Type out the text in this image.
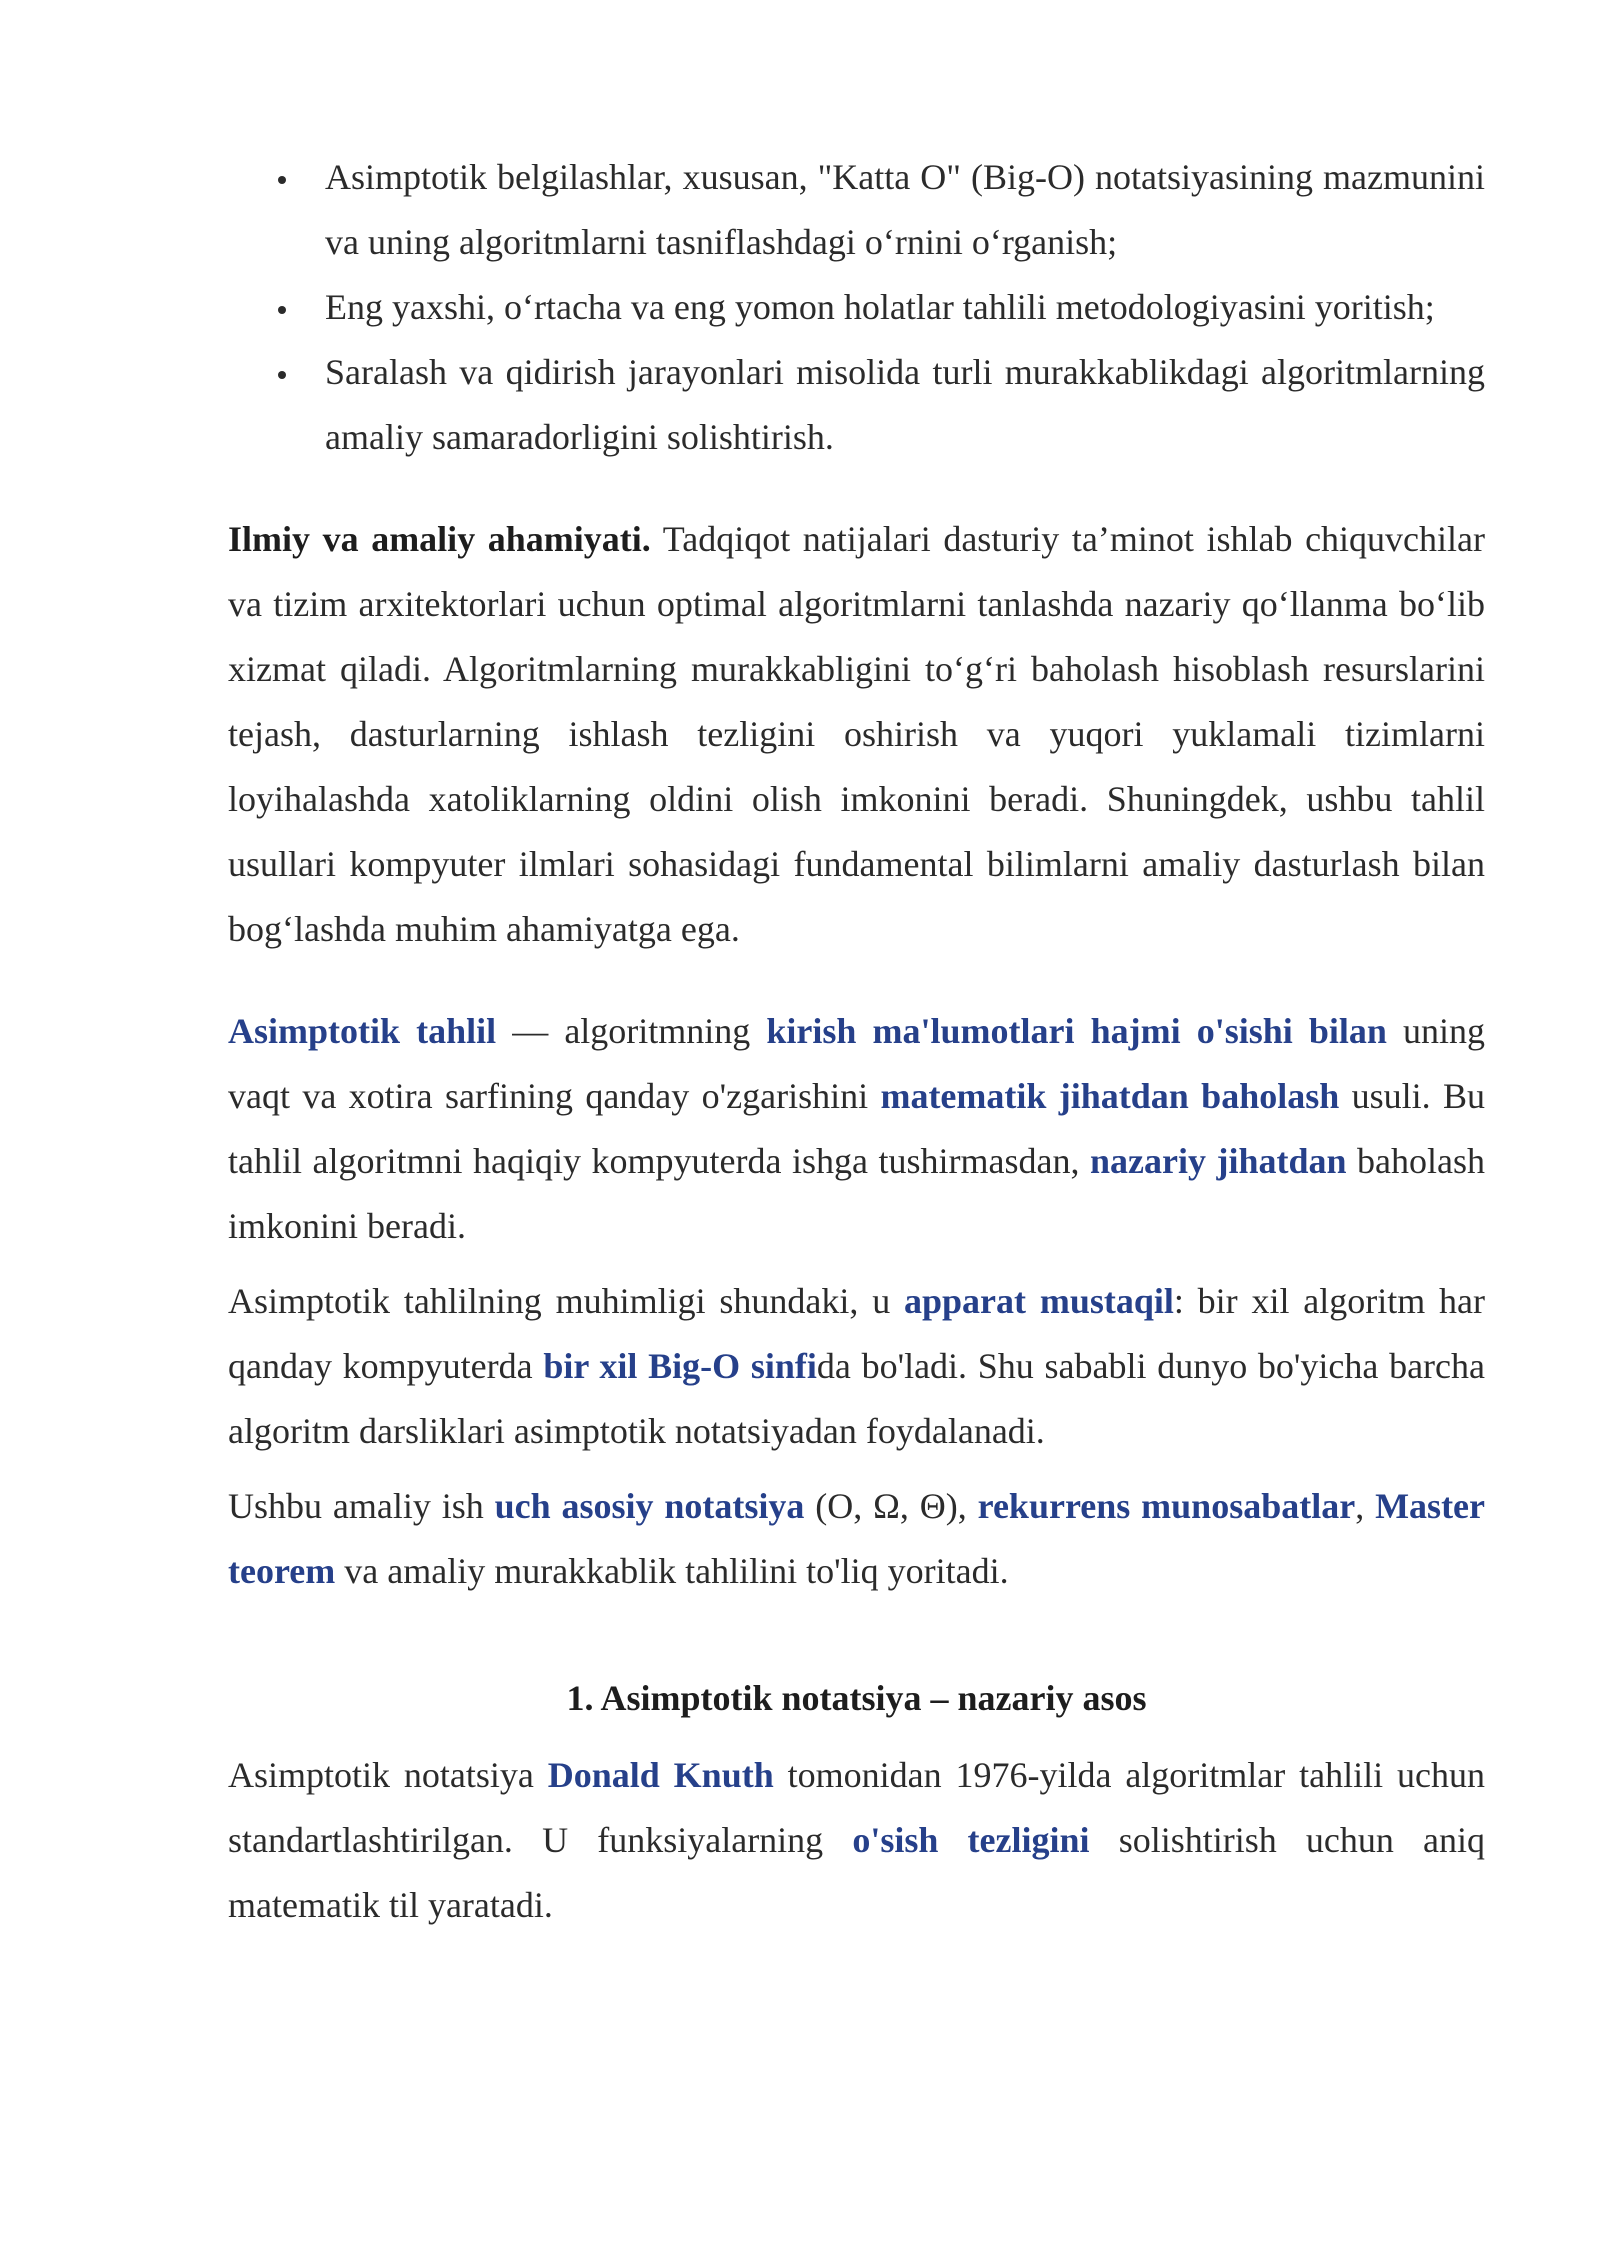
Asimptotik belgilashlar, xususan, "Katta O" (Big-O) notatsiyasining mazmunini va uning algoritmlarni tasniflashdagi o‘rnini o‘rganish;
Eng yaxshi, o‘rtacha va eng yomon holatlar tahlili metodologiyasini yoritish;
Saralash va qidirish jarayonlari misolida turli murakkablikdagi algoritmlarning amaliy samaradorligini solishtirish.

Ilmiy va amaliy ahamiyati. Tadqiqot natijalari dasturiy ta’minot ishlab chiquvchilar va tizim arxitektorlari uchun optimal algoritmlarni tanlashda nazariy qo‘llanma bo‘lib xizmat qiladi. Algoritmlarning murakkabligini to‘g‘ri baholash hisoblash resurslarini tejash, dasturlarning ishlash tezligini oshirish va yuqori yuklamali tizimlarni loyihalashda xatoliklarning oldini olish imkonini beradi. Shuningdek, ushbu tahlil usullari kompyuter ilmlari sohasidagi fundamental bilimlarni amaliy dasturlash bilan bog‘lashda muhim ahamiyatga ega.

Asimptotik tahlil — algoritmning kirish ma'lumotlari hajmi o'sishi bilan uning vaqt va xotira sarfining qanday o'zgarishini matematik jihatdan baholash usuli. Bu tahlil algoritmni haqiqiy kompyuterda ishga tushirmasdan, nazariy jihatdan baholash imkonini beradi.

Asimptotik tahlilning muhimligi shundaki, u apparat mustaqil: bir xil algoritm har qanday kompyuterda bir xil Big-O sinfida bo'ladi. Shu sababli dunyo bo'yicha barcha algoritm darsliklari asimptotik notatsiyadan foydalanadi.

Ushbu amaliy ish uch asosiy notatsiya (O, Ω, Θ), rekurrens munosabatlar, Master teorem va amaliy murakkablik tahlilini to'liq yoritadi.

1. Asimptotik notatsiya – nazariy asos

Asimptotik notatsiya Donald Knuth tomonidan 1976-yilda algoritmlar tahlili uchun standartlashtirilgan. U funksiyalarning o'sish tezligini solishtirish uchun aniq matematik til yaratadi.
